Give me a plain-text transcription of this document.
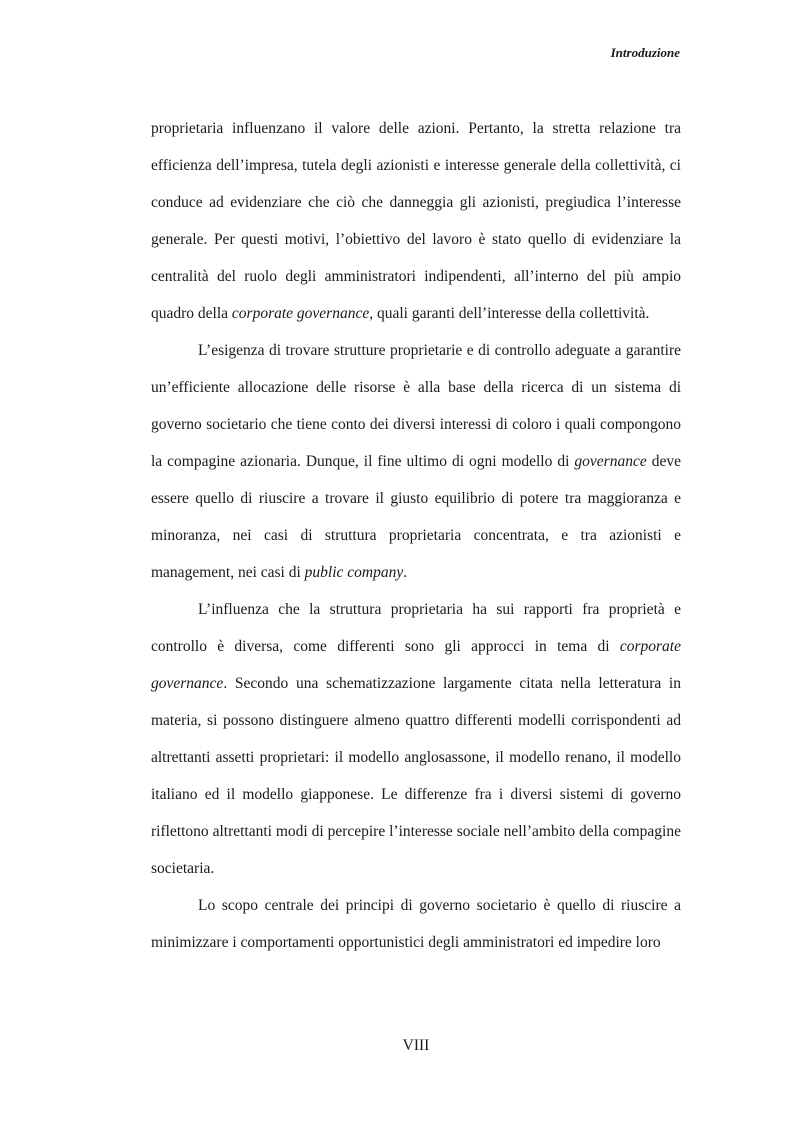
Introduzione

proprietaria influenzano il valore delle azioni. Pertanto, la stretta relazione tra efficienza dell’impresa, tutela degli azionisti e interesse generale della collettività, ci conduce ad evidenziare che ciò che danneggia gli azionisti, pregiudica l’interesse generale. Per questi motivi, l’obiettivo del lavoro è stato quello di evidenziare la centralità del ruolo degli amministratori indipendenti, all’interno del più ampio quadro della corporate governance, quali garanti dell’interesse della collettività.

L’esigenza di trovare strutture proprietarie e di controllo adeguate a garantire un’efficiente allocazione delle risorse è alla base della ricerca di un sistema di governo societario che tiene conto dei diversi interessi di coloro i quali compongono la compagine azionaria. Dunque, il fine ultimo di ogni modello di governance deve essere quello di riuscire a trovare il giusto equilibrio di potere tra maggioranza e minoranza, nei casi di struttura proprietaria concentrata, e tra azionisti e management, nei casi di public company.

L’influenza che la struttura proprietaria ha sui rapporti fra proprietà e controllo è diversa, come differenti sono gli approcci in tema di corporate governance. Secondo una schematizzazione largamente citata nella letteratura in materia, si possono distinguere almeno quattro differenti modelli corrispondenti ad altrettanti assetti proprietari: il modello anglosassone, il modello renano, il modello italiano ed il modello giapponese. Le differenze fra i diversi sistemi di governo riflettono altrettanti modi di percepire l’interesse sociale nell’ambito della compagine societaria.

Lo scopo centrale dei principi di governo societario è quello di riuscire a minimizzare i comportamenti opportunistici degli amministratori ed impedire loro

VIII
